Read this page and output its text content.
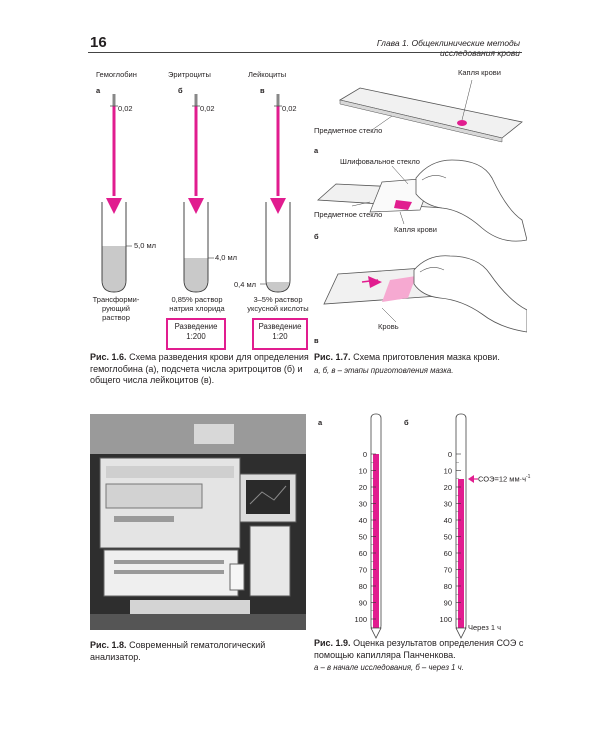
16	Глава 1. Общеклинические методы исследования крови
Гемоглобин	Эритроциты	Лейкоциты
а	б	в
0,02	0,02	0,02
5,0 мл
4,0 мл
0,4 мл
Трансформи-
рующий раствор
0,85% раствор
натрия хлорида
3–5% раствор
уксусной кислоты
Разведение
1:200
Разведение
1:20
Рис. 1.6. Схема разведения крови для определения гемоглобина (а), подсчета числа эритроцитов (б) и общего числа лейкоцитов (в).
Капля крови
Предметное стекло
а
Шлифовальное стекло
Предметное стекло
Капля крови
б
Кровь
в
Рис. 1.7. Схема приготовления мазка крови.
а, б, в – этапы приготовления мазка.
Рис. 1.8. Современный гематологический анализатор.
а	б
0
10
20
30
40
50
60
70
80
90
100
0
10
20
30
40
50
60
70
80
90
100
СОЭ=12 $мм\cdot ч^{-1}$
Через 1 ч
Рис. 1.9. Оценка результатов определения СОЭ с помощью капилляра Панченкова.
а – в начале исследования, б – через 1 ч.
